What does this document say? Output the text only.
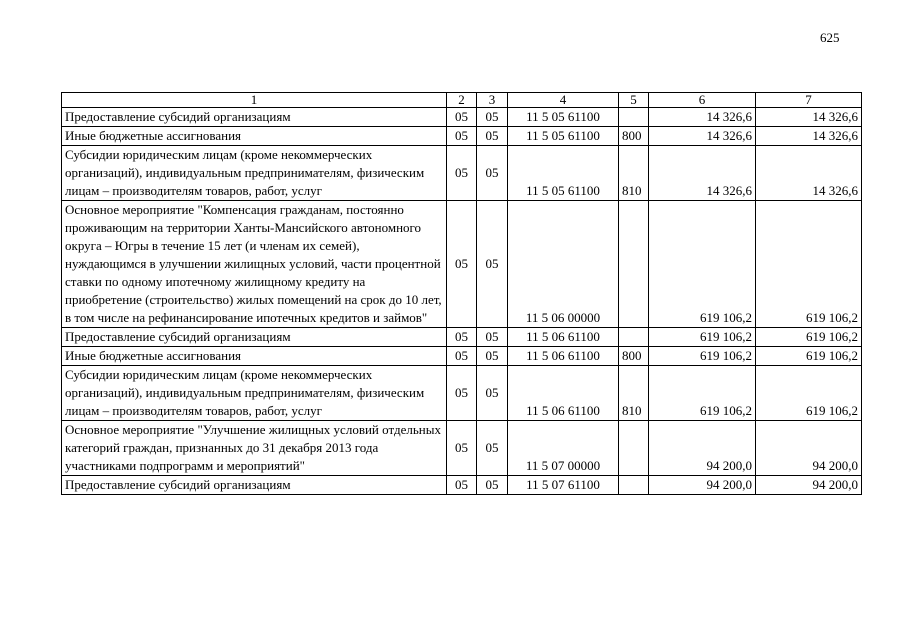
625
1	2	3	4	5	6	7
Предоставление субсидий организациям	05	05	11 5 05 61100		14 326,6	14 326,6
Иные бюджетные ассигнования	05	05	11 5 05 61100	800	14 326,6	14 326,6
Субсидии юридическим лицам (кроме некоммерческих организаций), индивидуальным предпринимателям, физическим лицам – производителям товаров, работ, услуг	05	05	11 5 05 61100	810	14 326,6	14 326,6
Основное мероприятие "Компенсация гражданам, постоянно проживающим на территории Ханты-Мансийского автономного округа – Югры в течение 15 лет (и членам их семей), нуждающимся в улучшении жилищных условий, части процентной ставки по одному ипотечному жилищному кредиту на приобретение (строительство) жилых помещений на срок до 10 лет, в том числе на рефинансирование ипотечных кредитов и займов"	05	05	11 5 06 00000		619 106,2	619 106,2
Предоставление субсидий организациям	05	05	11 5 06 61100		619 106,2	619 106,2
Иные бюджетные ассигнования	05	05	11 5 06 61100	800	619 106,2	619 106,2
Субсидии юридическим лицам (кроме некоммерческих организаций), индивидуальным предпринимателям, физическим лицам – производителям товаров, работ, услуг	05	05	11 5 06 61100	810	619 106,2	619 106,2
Основное мероприятие "Улучшение жилищных условий отдельных категорий граждан, признанных до 31 декабря 2013 года участниками подпрограмм и мероприятий"	05	05	11 5 07 00000		94 200,0	94 200,0
Предоставление субсидий организациям	05	05	11 5 07 61100		94 200,0	94 200,0
